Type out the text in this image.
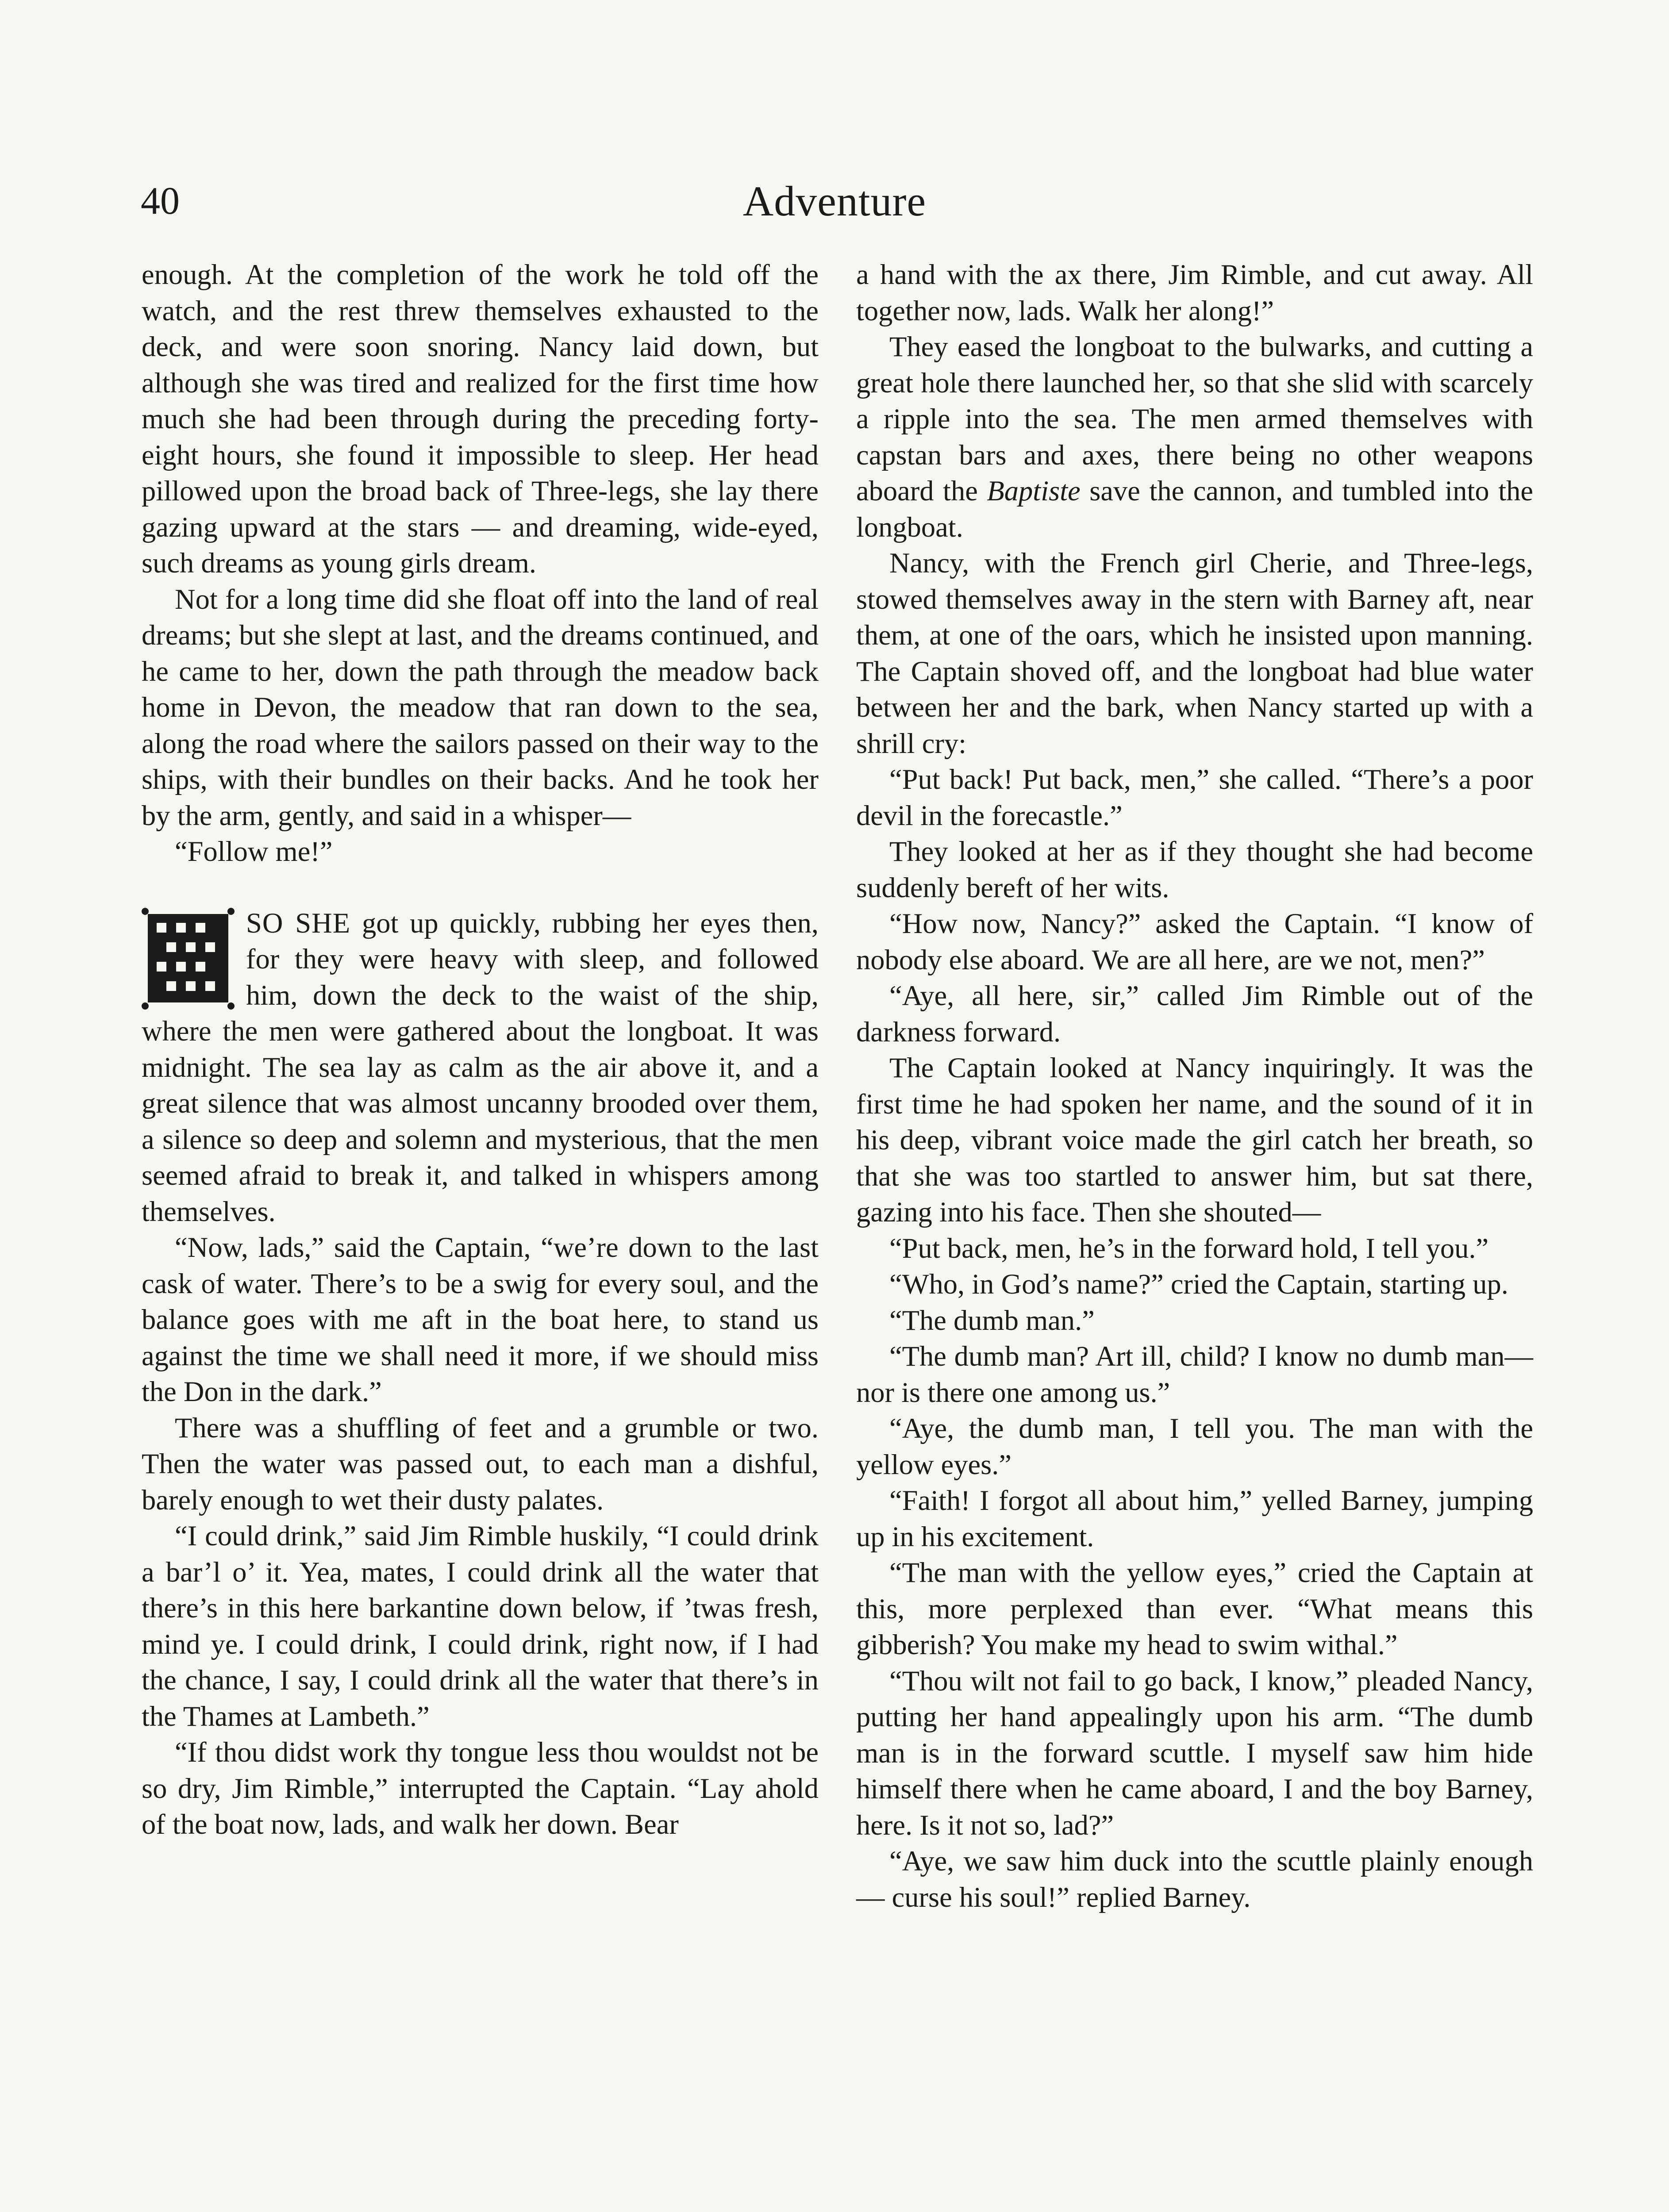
40	Adventure

enough. At the completion of the work he told off the watch, and the rest threw themselves exhausted to the deck, and were soon snoring. Nancy laid down, but although she was tired and realized for the first time how much she had been through during the preceding forty-eight hours, she found it impossible to sleep. Her head pillowed upon the broad back of Three-legs, she lay there gazing upward at the stars — and dreaming, wide-eyed, such dreams as young girls dream.

Not for a long time did she float off into the land of real dreams; but she slept at last, and the dreams continued, and he came to her, down the path through the meadow back home in Devon, the meadow that ran down to the sea, along the road where the sailors passed on their way to the ships, with their bundles on their backs. And he took her by the arm, gently, and said in a whisper—

“Follow me!”

SO SHE got up quickly, rubbing her eyes then, for they were heavy with sleep, and followed him, down the deck to the waist of the ship, where the men were gathered about the longboat. It was midnight. The sea lay as calm as the air above it, and a great silence that was almost uncanny brooded over them, a silence so deep and solemn and mysterious, that the men seemed afraid to break it, and talked in whispers among themselves.

“Now, lads,” said the Captain, “we’re down to the last cask of water. There’s to be a swig for every soul, and the balance goes with me aft in the boat here, to stand us against the time we shall need it more, if we should miss the Don in the dark.”

There was a shuffling of feet and a grumble or two. Then the water was passed out, to each man a dishful, barely enough to wet their dusty palates.

“I could drink,” said Jim Rimble huskily, “I could drink a bar’l o’ it. Yea, mates, I could drink all the water that there’s in this here barkantine down below, if ’twas fresh, mind ye. I could drink, I could drink, right now, if I had the chance, I say, I could drink all the water that there’s in the Thames at Lambeth.”

“If thou didst work thy tongue less thou wouldst not be so dry, Jim Rimble,” interrupted the Captain. “Lay ahold of the boat now, lads, and walk her down. Bear

a hand with the ax there, Jim Rimble, and cut away. All together now, lads. Walk her along!”

They eased the longboat to the bulwarks, and cutting a great hole there launched her, so that she slid with scarcely a ripple into the sea. The men armed themselves with capstan bars and axes, there being no other weapons aboard the Baptiste save the cannon, and tumbled into the longboat.

Nancy, with the French girl Cherie, and Three-legs, stowed themselves away in the stern with Barney aft, near them, at one of the oars, which he insisted upon manning. The Captain shoved off, and the longboat had blue water between her and the bark, when Nancy started up with a shrill cry:

“Put back! Put back, men,” she called. “There’s a poor devil in the forecastle.”

They looked at her as if they thought she had become suddenly bereft of her wits.

“How now, Nancy?” asked the Captain. “I know of nobody else aboard. We are all here, are we not, men?”

“Aye, all here, sir,” called Jim Rimble out of the darkness forward.

The Captain looked at Nancy inquiringly. It was the first time he had spoken her name, and the sound of it in his deep, vibrant voice made the girl catch her breath, so that she was too startled to answer him, but sat there, gazing into his face. Then she shouted—

“Put back, men, he’s in the forward hold, I tell you.”

“Who, in God’s name?” cried the Captain, starting up.

“The dumb man.”

“The dumb man? Art ill, child? I know no dumb man—nor is there one among us.”

“Aye, the dumb man, I tell you. The man with the yellow eyes.”

“Faith! I forgot all about him,” yelled Barney, jumping up in his excitement.

“The man with the yellow eyes,” cried the Captain at this, more perplexed than ever. “What means this gibberish? You make my head to swim withal.”

“Thou wilt not fail to go back, I know,” pleaded Nancy, putting her hand appealingly upon his arm. “The dumb man is in the forward scuttle. I myself saw him hide himself there when he came aboard, I and the boy Barney, here. Is it not so, lad?”

“Aye, we saw him duck into the scuttle plainly enough — curse his soul!” replied Barney.
